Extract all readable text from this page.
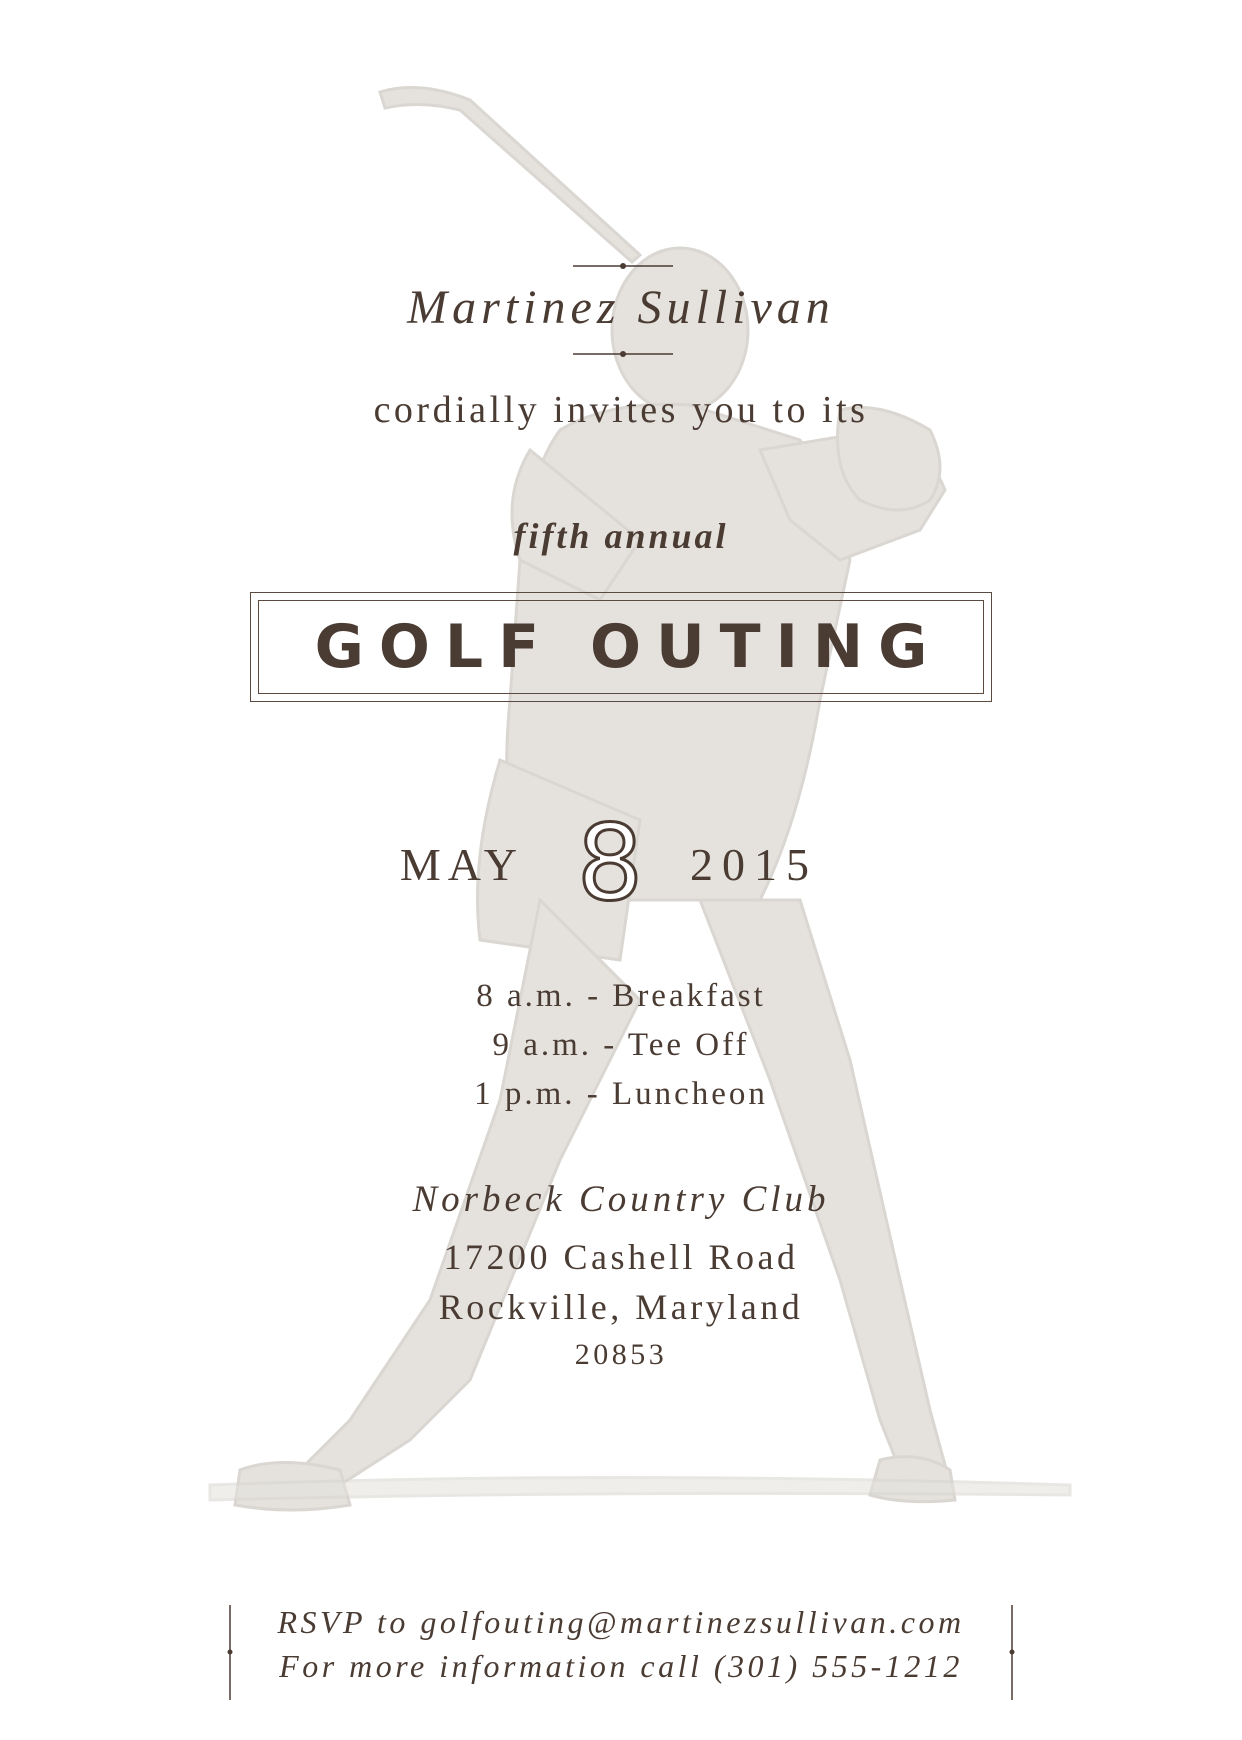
Martinez Sullivan
cordially invites you to its
fifth annual
GOLF OUTING
MAY 8	2015
8 a.m. - Breakfast
9 a.m. - Tee Off
1 p.m. - Luncheon
Norbeck Country Club
17200 Cashell Road
Rockville, Maryland
20853
RSVP to golfouting@martinezsullivan.com
For more information call (301) 555-1212
